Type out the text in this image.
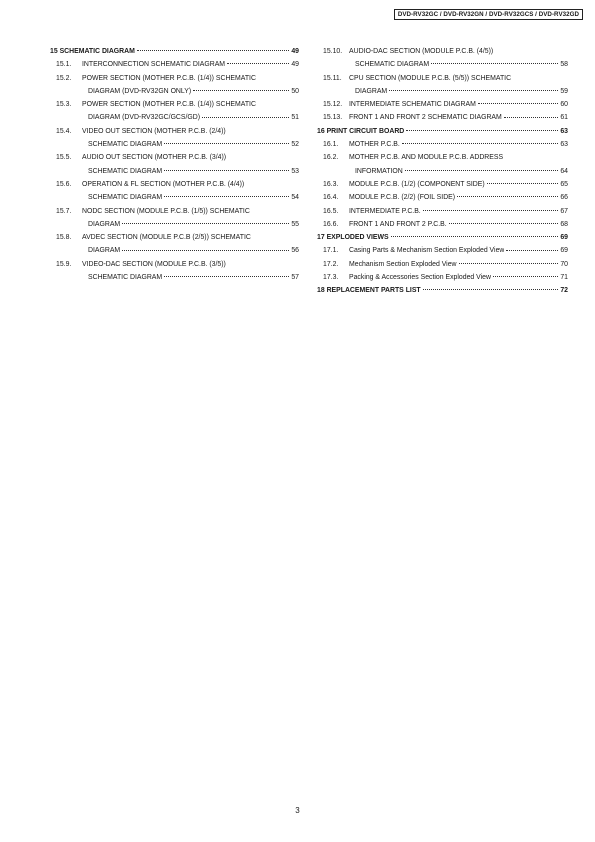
DVD-RV32GC / DVD-RV32GN / DVD-RV32GCS / DVD-RV32GD
15 SCHEMATIC DIAGRAM	49
15.1.	INTERCONNECTION SCHEMATIC DIAGRAM	49
15.2.	POWER SECTION (MOTHER P.C.B. (1/4)) SCHEMATIC
DIAGRAM (DVD-RV32GN ONLY)	50
15.3.	POWER SECTION (MOTHER P.C.B. (1/4)) SCHEMATIC
DIAGRAM (DVD-RV32GC/GCS/GD)	51
15.4.	VIDEO OUT SECTION (MOTHER P.C.B. (2/4))
SCHEMATIC DIAGRAM	52
15.5.	AUDIO OUT SECTION (MOTHER P.C.B. (3/4))
SCHEMATIC DIAGRAM	53
15.6.	OPERATION & FL SECTION (MOTHER P.C.B. (4/4))
SCHEMATIC DIAGRAM	54
15.7.	NODC SECTION (MODULE P.C.B. (1/5)) SCHEMATIC
DIAGRAM	55
15.8.	AVDEC SECTION (MODULE P.C.B (2/5)) SCHEMATIC
DIAGRAM	56
15.9.	VIDEO-DAC SECTION (MODULE P.C.B. (3/5))
SCHEMATIC DIAGRAM	57
15.10. AUDIO-DAC SECTION (MODULE P.C.B. (4/5))
SCHEMATIC DIAGRAM	58
15.11.	CPU SECTION (MODULE P.C.B. (5/5)) SCHEMATIC
DIAGRAM	59
15.12. INTERMEDIATE SCHEMATIC DIAGRAM	60
15.13. FRONT 1 AND FRONT 2 SCHEMATIC DIAGRAM	61
16 PRINT CIRCUIT BOARD	63
16.1.	MOTHER P.C.B.	63
16.2.	MOTHER P.C.B. AND MODULE P.C.B. ADDRESS
INFORMATION	64
16.3.	MODULE P.C.B. (1/2) (COMPONENT SIDE)	65
16.4.	MODULE P.C.B. (2/2) (FOIL SIDE)	66
16.5.	INTERMEDIATE P.C.B.	67
16.6.	FRONT 1 AND FRONT 2 P.C.B.	68
17 EXPLODED VIEWS	69
17.1.	Casing Parts & Mechanism Section Exploded View	69
17.2.	Mechanism Section Exploded View	70
17.3.	Packing & Accessories Section Exploded View	71
18 REPLACEMENT PARTS LIST	72
3
